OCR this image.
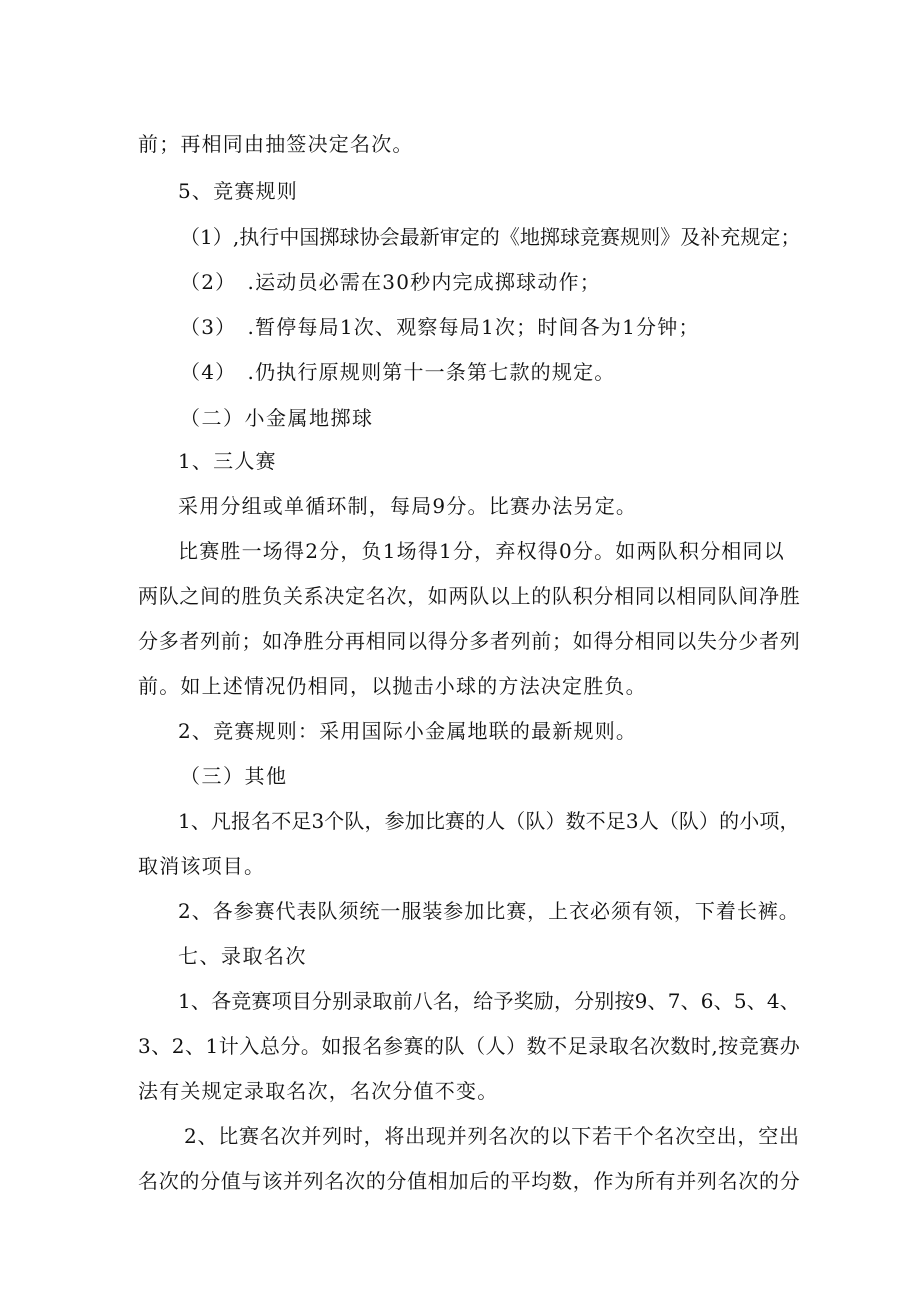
前；再相同由抽签决定名次。
5、竞赛规则
（1）,执行中国掷球协会最新审定的《地掷球竞赛规则》及补充规定；
（2）　.运动员必需在30秒内完成掷球动作；
（3）　.暂停每局1次、观察每局1次；时间各为1分钟；
（4）　.仍执行原规则第十一条第七款的规定。
（二）小金属地掷球
1、三人赛
采用分组或单循环制，每局9分。比赛办法另定。
比赛胜一场得2分，负1场得1分，弃权得0分。如两队积分相同以
两队之间的胜负关系决定名次，如两队以上的队积分相同以相同队间净胜
分多者列前；如净胜分再相同以得分多者列前；如得分相同以失分少者列
前。如上述情况仍相同，以抛击小球的方法决定胜负。
2、竞赛规则：采用国际小金属地联的最新规则。
（三）其他
1、凡报名不足3个队，参加比赛的人（队）数不足3人（队）的小项，
取消该项目。
2、各参赛代表队须统一服装参加比赛，上衣必须有领，下着长裤。
七、录取名次
1、各竞赛项目分别录取前八名，给予奖励，分别按9、7、6、5、4、
3、2、1计入总分。如报名参赛的队（人）数不足录取名次数时,按竞赛办
法有关规定录取名次，名次分值不变。
2、比赛名次并列时，将出现并列名次的以下若干个名次空出，空出
名次的分值与该并列名次的分值相加后的平均数，作为所有并列名次的分
